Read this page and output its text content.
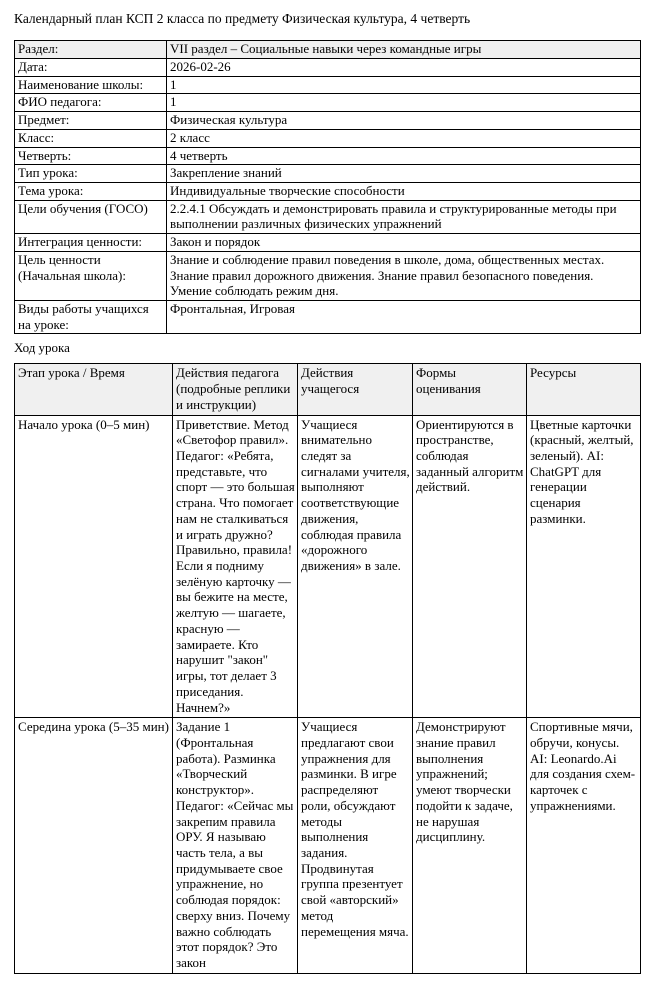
Календарный план КСП 2 класса по предмету Физическая культура, 4 четверть

Раздел:	VII раздел – Социальные навыки через командные игры
Дата:	2026-02-26
Наименование школы:	1
ФИО педагога:	1
Предмет:	Физическая культура
Класс:	2 класс
Четверть:	4 четверть
Тип урока:	Закрепление знаний
Тема урока:	Индивидуальные творческие способности
Цели обучения (ГОСО)	2.2.4.1 Обсуждать и демонстрировать правила и структурированные методы при выполнении различных физических упражнений
Интеграция ценности:	Закон и порядок
Цель ценности (Начальная школа):	Знание и соблюдение правил поведения в школе, дома, общественных местах. Знание правил дорожного движения. Знание правил безопасного поведения. Умение соблюдать режим дня.
Виды работы учащихся на уроке:	Фронтальная, Игровая

Ход урока

Этап урока / Время	Действия педагога (подробные реплики и инструкции)	Действия учащегося	Формы оценивания	Ресурсы
Начало урока (0–5 мин)	Приветствие. Метод «Светофор правил». Педагог: «Ребята, представьте, что спорт — это большая страна. Что помогает нам не сталкиваться и играть дружно? Правильно, правила! Если я подниму зелёную карточку — вы бежите на месте, желтую — шагаете, красную — замираете. Кто нарушит "закон" игры, тот делает 3 приседания. Начнем?»	Учащиеся внимательно следят за сигналами учителя, выполняют соответствующие движения, соблюдая правила «дорожного движения» в зале.	Ориентируются в пространстве, соблюдая заданный алгоритм действий.	Цветные карточки (красный, желтый, зеленый). AI: ChatGPT для генерации сценария разминки.
Середина урока (5–35 мин)	Задание 1 (Фронтальная работа). Разминка «Творческий конструктор». Педагог: «Сейчас мы закрепим правила ОРУ. Я называю часть тела, а вы придумываете свое упражнение, но соблюдая порядок: сверху вниз. Почему важно соблюдать этот порядок? Это закон	Учащиеся предлагают свои упражнения для разминки. В игре распределяют роли, обсуждают методы выполнения задания. Продвинутая группа презентует свой «авторский» метод перемещения мяча.	Демонстрируют знание правил выполнения упражнений; умеют творчески подойти к задаче, не нарушая дисциплину.	Спортивные мячи, обручи, конусы. AI: Leonardo.Ai для создания схем-карточек с упражнениями.
